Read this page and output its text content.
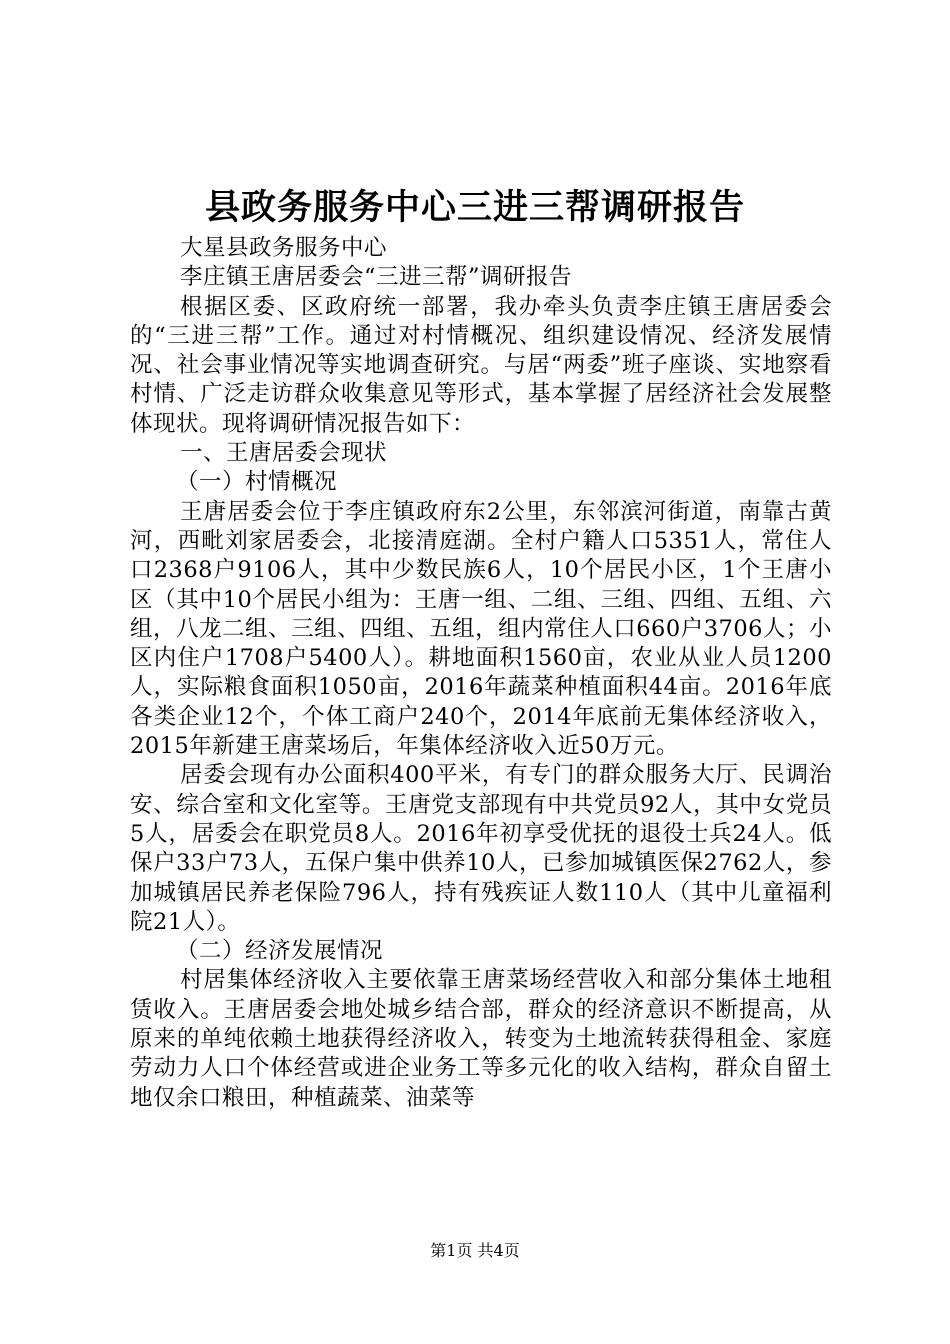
县政务服务中心三进三帮调研报告

大星县政务服务中心

李庄镇王唐居委会“三进三帮”调研报告

根据区委、区政府统一部署，我办牵头负责李庄镇王唐居委会的“三进三帮”工作。通过对村情概况、组织建设情况、经济发展情况、社会事业情况等实地调查研究。与居“两委”班子座谈、实地察看村情、广泛走访群众收集意见等形式，基本掌握了居经济社会发展整体现状。现将调研情况报告如下：

一、王唐居委会现状

（一）村情概况

王唐居委会位于李庄镇政府东2公里，东邻滨河街道，南靠古黄河，西毗刘家居委会，北接清庭湖。全村户籍人口5351人，常住人口2368户9106人，其中少数民族6人，10个居民小区，1个王唐小区（其中10个居民小组为：王唐一组、二组、三组、四组、五组、六组，八龙二组、三组、四组、五组，组内常住人口660户3706人；小区内住户1708户5400人）。耕地面积1560亩，农业从业人员1200人，实际粮食面积1050亩，2016年蔬菜种植面积44亩。2016年底各类企业12个，个体工商户240个，2014年底前无集体经济收入，2015年新建王唐菜场后，年集体经济收入近50万元。

居委会现有办公面积400平米，有专门的群众服务大厅、民调治安、综合室和文化室等。王唐党支部现有中共党员92人，其中女党员5人，居委会在职党员8人。2016年初享受优抚的退役士兵24人。低保户33户73人，五保户集中供养10人，已参加城镇医保2762人，参加城镇居民养老保险796人，持有残疾证人数110人（其中儿童福利院21人）。

（二）经济发展情况

村居集体经济收入主要依靠王唐菜场经营收入和部分集体土地租赁收入。王唐居委会地处城乡结合部，群众的经济意识不断提高，从原来的单纯依赖土地获得经济收入，转变为土地流转获得租金、家庭劳动力人口个体经营或进企业务工等多元化的收入结构，群众自留土地仅余口粮田，种植蔬菜、油菜等

第1页 共4页
